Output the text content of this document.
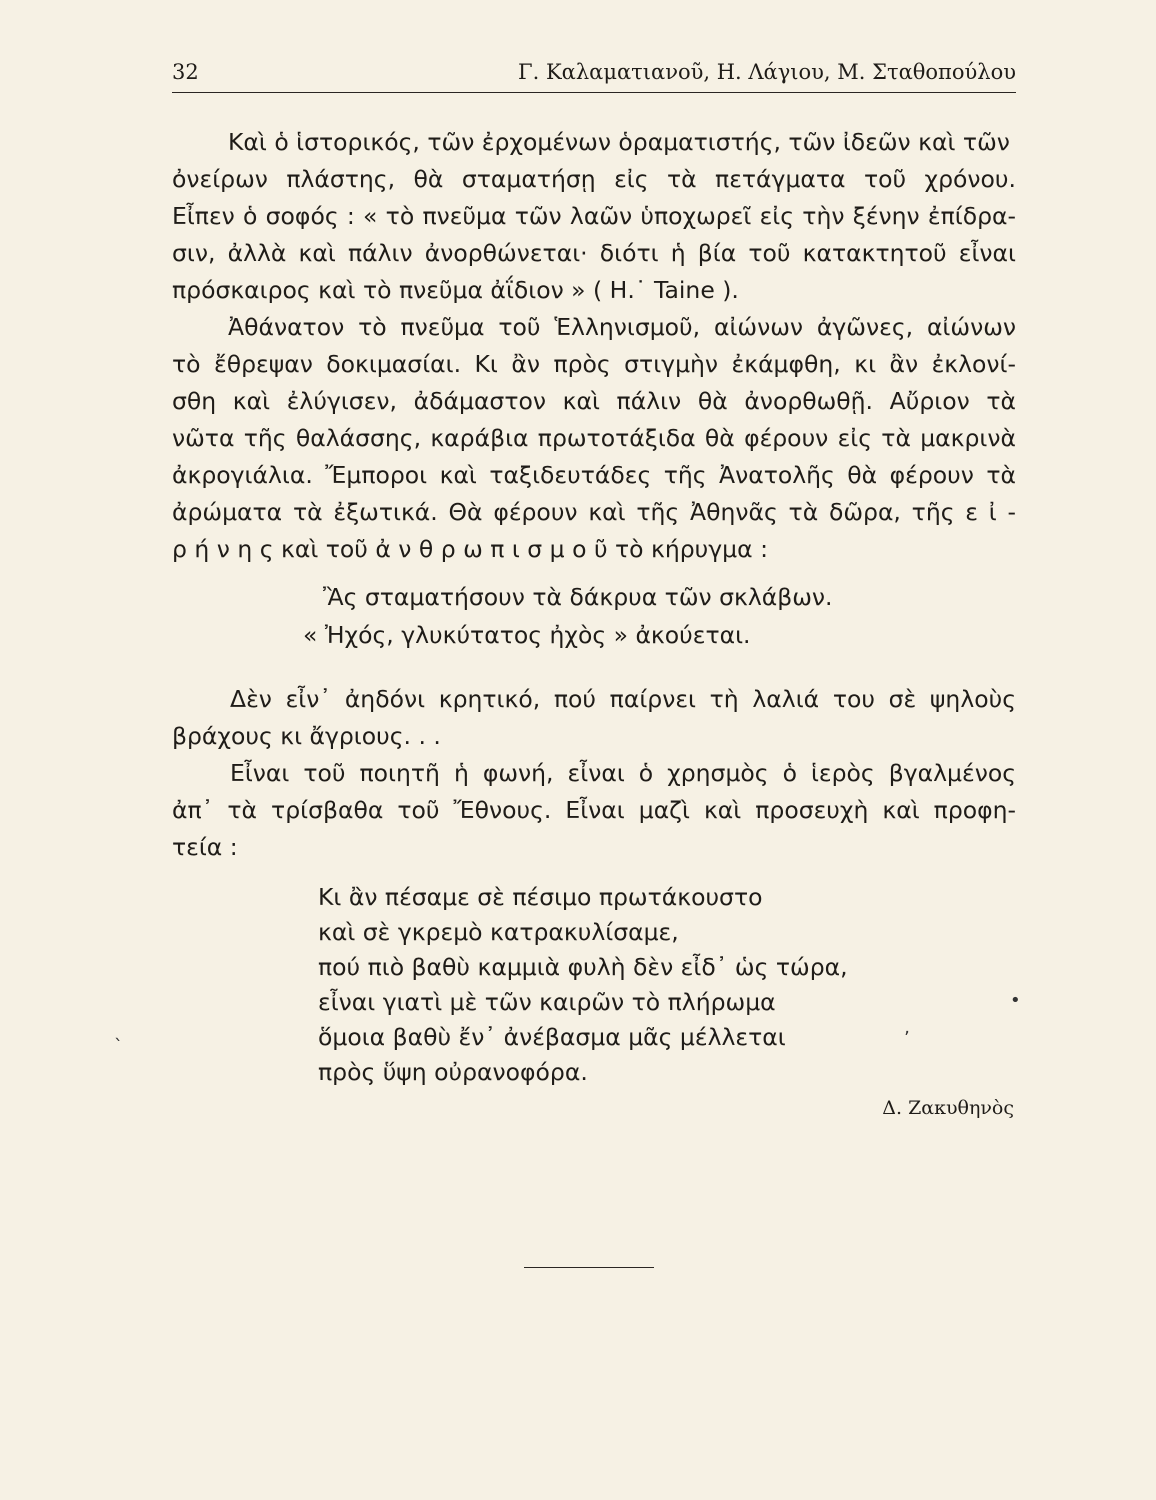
32	Γ. Καλαματιανοῦ, Η. Λάγιου, Μ. Σταθοπούλου
Καὶ ὁ ἱστορικός, τῶν ἐρχομένων ὁραματιστής, τῶν ἰδεῶν καὶ τῶν
ὀνείρων πλάστης, θὰ σταματήσῃ εἰς τὰ πετάγματα τοῦ χρόνου.
Εἶπεν ὁ σοφός : « τὸ πνεῦμα τῶν λαῶν ὑποχωρεῖ εἰς τὴν ξένην ἐπίδρα-
σιν, ἀλλὰ καὶ πάλιν ἀνορθώνεται· διότι ἡ βία τοῦ κατακτητοῦ εἶναι
πρόσκαιρος καὶ τὸ πνεῦμα ἀΐδιον » ( Η.˙ Taine ).
Ἀθάνατον τὸ πνεῦμα τοῦ Ἑλληνισμοῦ, αἰώνων ἀγῶνες, αἰώνων
τὸ ἔθρεψαν δοκιμασίαι. Κι ἂν πρὸς στιγμὴν ἐκάμφθη, κι ἂν ἐκλονί-
σθη καὶ ἐλύγισεν, ἀδάμαστον καὶ πάλιν θὰ ἀνορθωθῇ. Αὔριον τὰ
νῶτα τῆς θαλάσσης, καράβια πρωτοτάξιδα θὰ φέρουν εἰς τὰ μακρινὰ
ἀκρογιάλια. Ἔμποροι καὶ ταξιδευτάδες τῆς Ἀνατολῆς θὰ φέρουν τὰ
ἀρώματα τὰ ἐξωτικά. Θὰ φέρουν καὶ τῆς Ἀθηνᾶς τὰ δῶρα, τῆς ε ἰ -
ρ ή ν η ς καὶ τοῦ ἀ ν θ ρ ω π ι σ μ ο ῦ τὸ κήρυγμα :
Ἂς σταματήσουν τὰ δάκρυα τῶν σκλάβων.
« Ἠχός, γλυκύτατος ἠχὸς » ἀκούεται.
Δὲν εἶν᾽ ἀηδόνι κρητικό, πού παίρνει τὴ λαλιά του σὲ ψηλοὺς
βράχους κι ἄγριους. . .
Εἶναι τοῦ ποιητῆ ἡ φωνή, εἶναι ὁ χρησμὸς ὁ ἱερὸς βγαλμένος
ἀπ᾽ τὰ τρίσβαθα τοῦ Ἔθνους. Εἶναι μαζὶ καὶ προσευχὴ καὶ προφη-
τεία :
Κι ἂν πέσαμε σὲ πέσιμο πρωτάκουστο
καὶ σὲ γκρεμὸ κατρακυλίσαμε,
πού πιὸ βαθὺ καμμιὰ φυλὴ δὲν εἶδ᾽ ὡς τώρα,
εἶναι γιατὶ μὲ τῶν καιρῶν τὸ πλήρωμα
ὅμοια βαθὺ ἔν᾽ ἀνέβασμα μᾶς μέλλεται
πρὸς ὕψη οὐρανοφόρα.
Δ. Ζακυθηνὸς
•
ʼ
ˋ
